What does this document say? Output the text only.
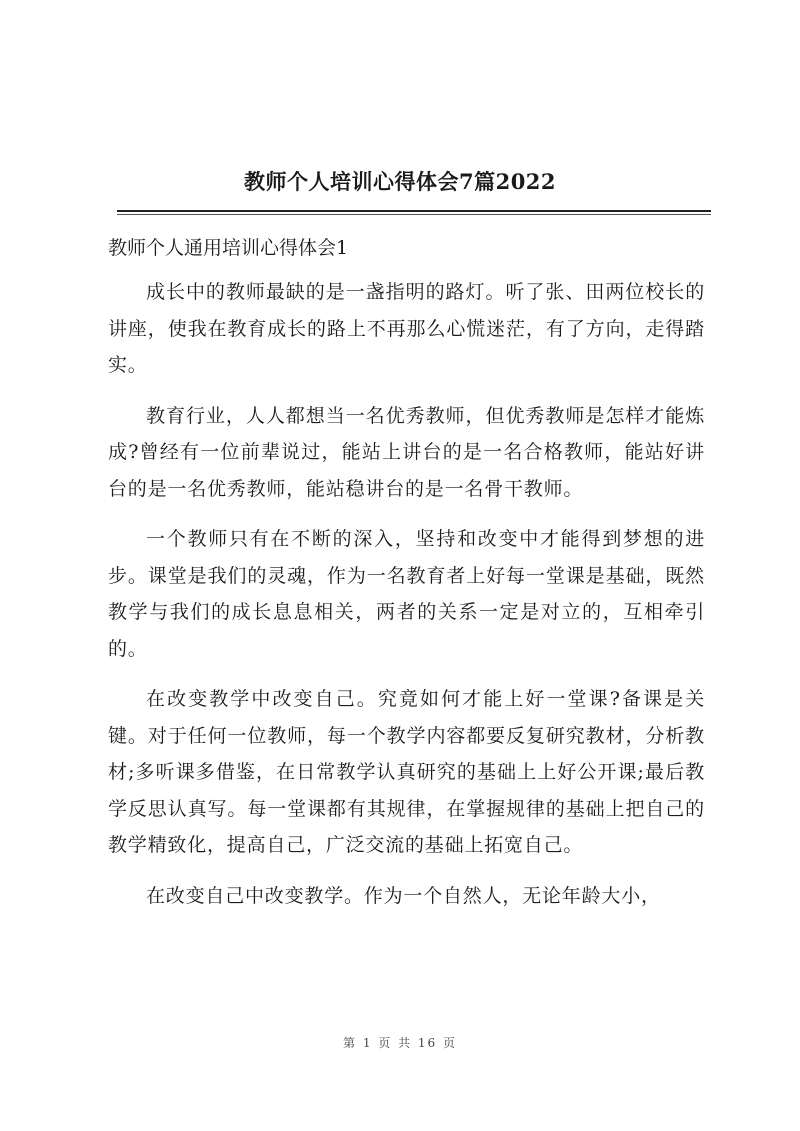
教师个人培训心得体会7篇2022
教师个人通用培训心得体会1

成长中的教师最缺的是一盏指明的路灯。听了张、田两位校长的讲座，使我在教育成长的路上不再那么心慌迷茫，有了方向，走得踏实。

教育行业，人人都想当一名优秀教师，但优秀教师是怎样才能炼成?曾经有一位前辈说过，能站上讲台的是一名合格教师，能站好讲台的是一名优秀教师，能站稳讲台的是一名骨干教师。

一个教师只有在不断的深入，坚持和改变中才能得到梦想的进步。课堂是我们的灵魂，作为一名教育者上好每一堂课是基础，既然教学与我们的成长息息相关，两者的关系一定是对立的，互相牵引的。

在改变教学中改变自己。究竟如何才能上好一堂课?备课是关键。对于任何一位教师，每一个教学内容都要反复研究教材，分析教材;多听课多借鉴，在日常教学认真研究的基础上上好公开课;最后教学反思认真写。每一堂课都有其规律，在掌握规律的基础上把自己的教学精致化，提高自己，广泛交流的基础上拓宽自己。

在改变自己中改变教学。作为一个自然人，无论年龄大小，

第 1 页 共 16 页
